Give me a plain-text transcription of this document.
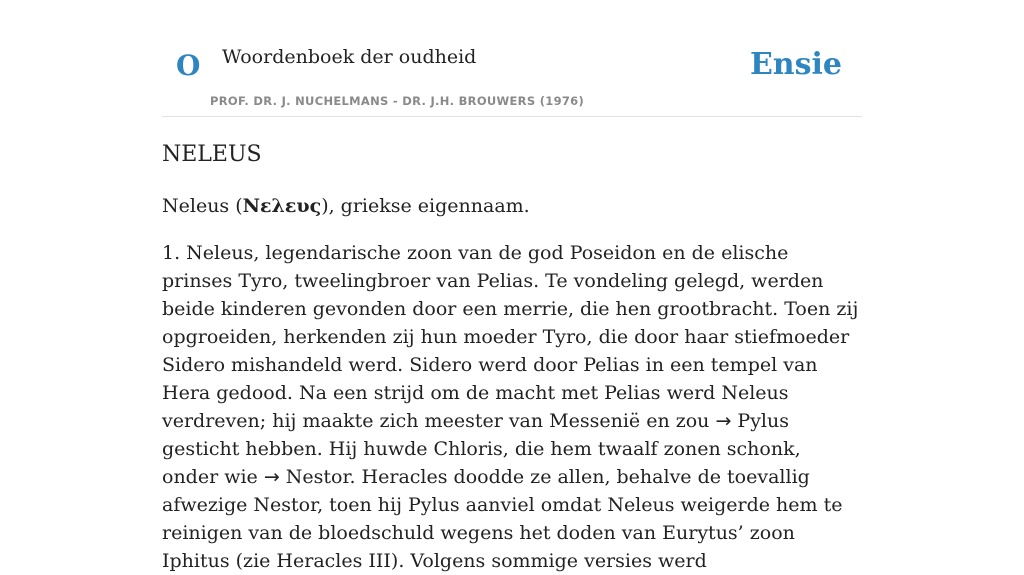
O Woordenboek der oudheid
PROF. DR. J. NUCHELMANS - DR. J.H. BROUWERS (1976)
Ensie
NELEUS

Neleus (Νελευς), griekse eigennaam.

1. Neleus, legendarische zoon van de god Poseidon en de elische prinses Tyro, tweelingbroer van Pelias. Te vondeling gelegd, werden beide kinderen gevonden door een merrie, die hen grootbracht. Toen zij opgroeiden, herkenden zij hun moeder Tyro, die door haar stiefmoeder Sidero mishandeld werd. Sidero werd door Pelias in een tempel van Hera gedood. Na een strijd om de macht met Pelias werd Neleus verdreven; hij maakte zich meester van Messenië en zou → Pylus gesticht hebben. Hij huwde Chloris, die hem twaalf zonen schonk, onder wie → Nestor. Heracles doodde ze allen, behalve de toevallig afwezige Nestor, toen hij Pylus aanviel omdat Neleus weigerde hem te reinigen van de bloedschuld wegens het doden van Eurytus’ zoon Iphitus (zie Heracles III). Volgens sommige versies werd
